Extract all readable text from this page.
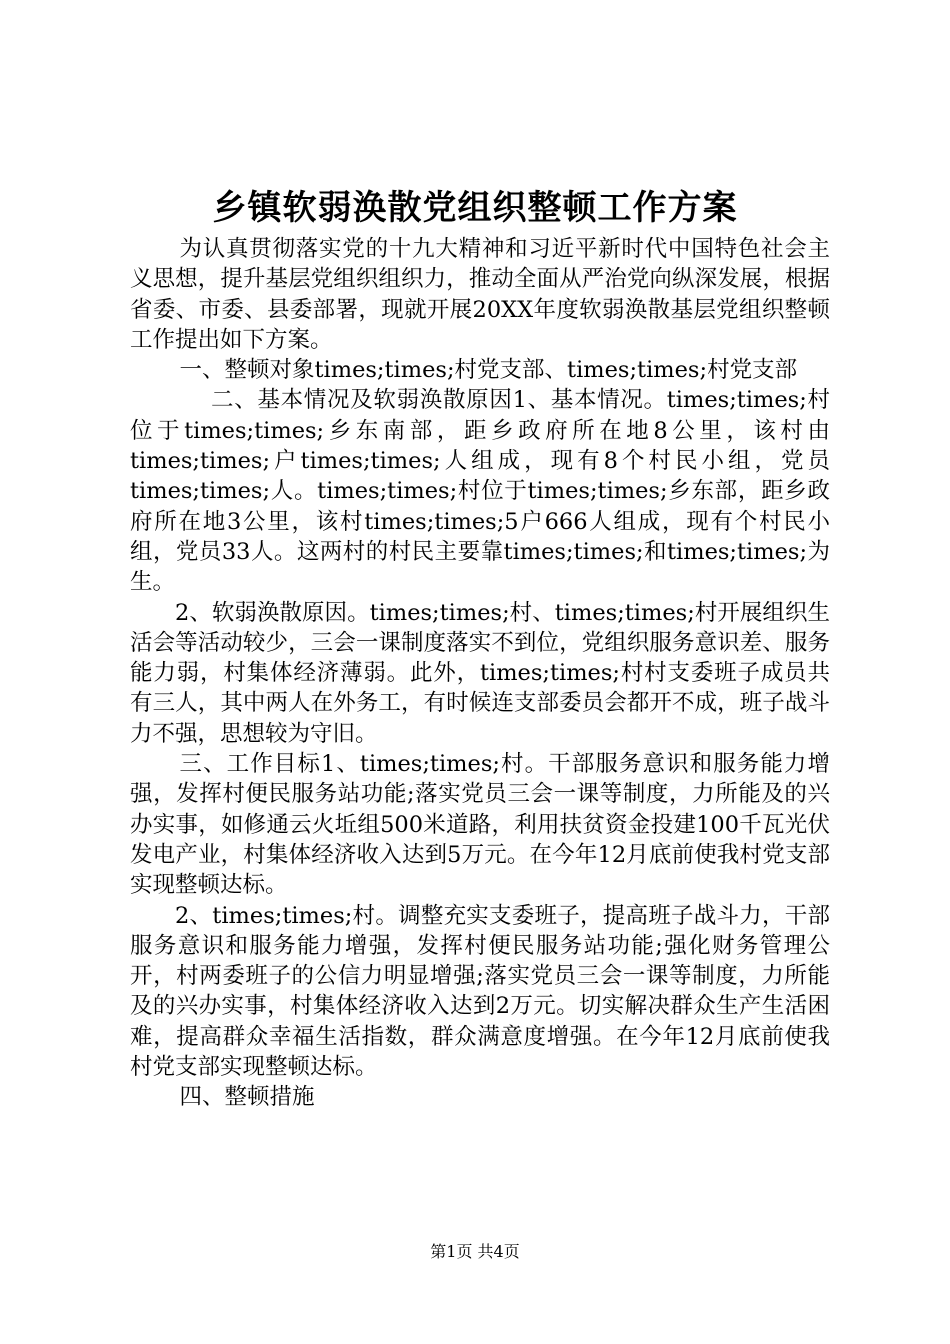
乡镇软弱涣散党组织整顿工作方案

为认真贯彻落实党的十九大精神和习近平新时代中国特色社会主义思想，提升基层党组织组织力，推动全面从严治党向纵深发展，根据省委、市委、县委部署，现就开展20XX年度软弱涣散基层党组织整顿工作提出如下方案。

一、整顿对象times;times;村党支部、times;times;村党支部

二、基本情况及软弱涣散原因1、基本情况。times;times;村位于times;times;乡东南部，距乡政府所在地8公里，该村由times;times;户times;times;人组成，现有8个村民小组，党员times;times;人。times;times;村位于times;times;乡东部，距乡政府所在地3公里，该村times;times;5户666人组成，现有个村民小组，党员33人。这两村的村民主要靠times;times;和times;times;为生。

2、软弱涣散原因。times;times;村、times;times;村开展组织生活会等活动较少，三会一课制度落实不到位，党组织服务意识差、服务能力弱，村集体经济薄弱。此外，times;times;村村支委班子成员共有三人，其中两人在外务工，有时候连支部委员会都开不成，班子战斗力不强，思想较为守旧。

三、工作目标1、times;times;村。干部服务意识和服务能力增强，发挥村便民服务站功能;落实党员三会一课等制度，力所能及的兴办实事，如修通云火坵组500米道路，利用扶贫资金投建100千瓦光伏发电产业，村集体经济收入达到5万元。在今年12月底前使我村党支部实现整顿达标。

2、times;times;村。调整充实支委班子，提高班子战斗力，干部服务意识和服务能力增强，发挥村便民服务站功能;强化财务管理公开，村两委班子的公信力明显增强;落实党员三会一课等制度，力所能及的兴办实事，村集体经济收入达到2万元。切实解决群众生产生活困难，提高群众幸福生活指数，群众满意度增强。在今年12月底前使我村党支部实现整顿达标。

四、整顿措施

第1页 共4页
